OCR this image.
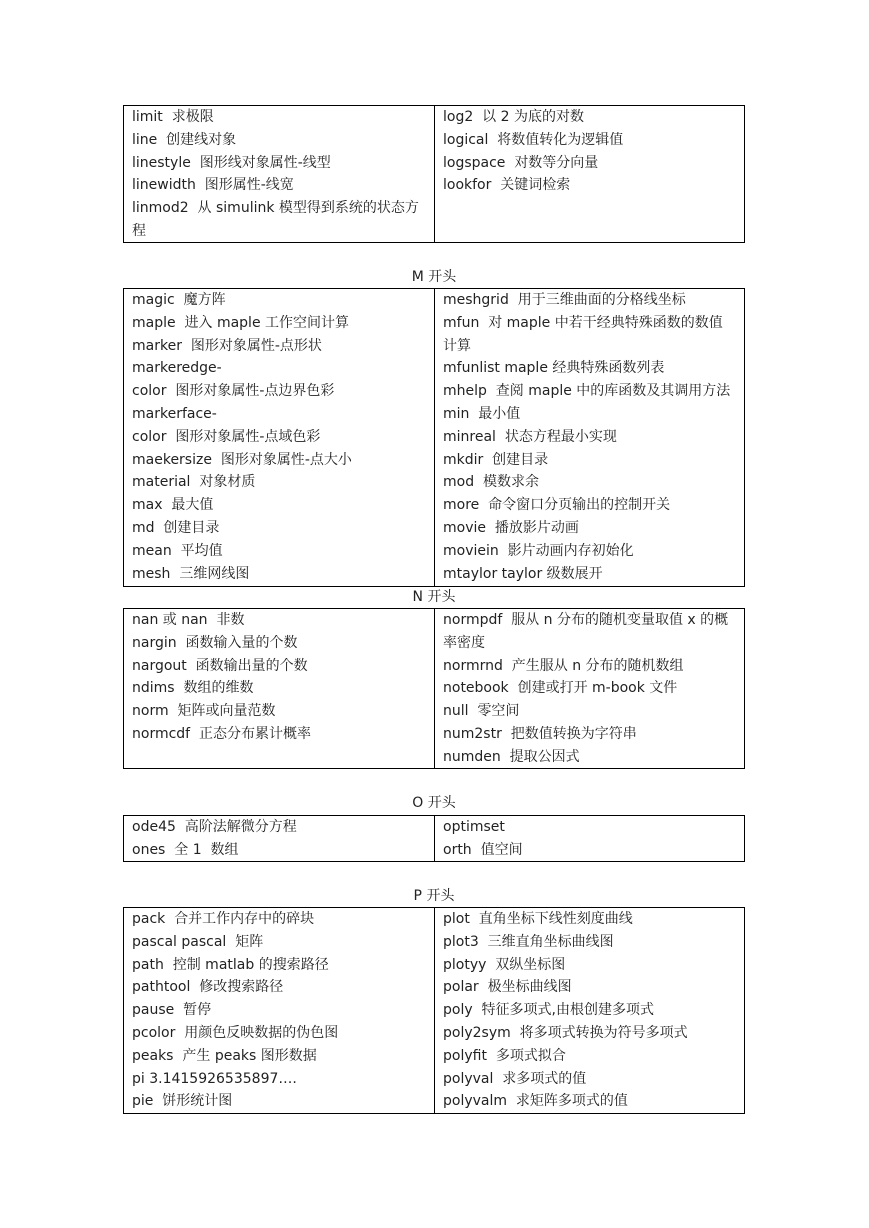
limit  求极限

line  创建线对象

linestyle  图形线对象属性-线型

linewidth  图形属性-线宽

linmod2  从 simulink 模型得到系统的状态方

程

log2  以 2 为底的对数

logical  将数值转化为逻辑值

logspace  对数等分向量

lookfor  关键词检索

M 开头

magic  魔方阵

maple  进入 maple 工作空间计算

marker  图形对象属性-点形状

markeredge-

color  图形对象属性-点边界色彩

markerface-

color  图形对象属性-点域色彩

maekersize  图形对象属性-点大小

material  对象材质

max  最大值

md  创建目录

mean  平均值

mesh  三维网线图

meshgrid  用于三维曲面的分格线坐标

mfun  对 maple 中若干经典特殊函数的数值

计算

mfunlist maple 经典特殊函数列表

mhelp  查阅 maple 中的库函数及其调用方法

min  最小值

minreal  状态方程最小实现

mkdir  创建目录

mod  模数求余

more  命令窗口分页输出的控制开关

movie  播放影片动画

moviein  影片动画内存初始化

mtaylor taylor 级数展开

N 开头

nan 或 nan  非数

nargin  函数输入量的个数

nargout  函数输出量的个数

ndims  数组的维数

norm  矩阵或向量范数

normcdf  正态分布累计概率

normpdf  服从 n 分布的随机变量取值 x 的概

率密度

normrnd  产生服从 n 分布的随机数组

notebook  创建或打开 m-book 文件

null  零空间

num2str  把数值转换为字符串

numden  提取公因式

O 开头

ode45  高阶法解微分方程

ones  全 1  数组

optimset

orth  值空间

P 开头

pack  合并工作内存中的碎块

pascal pascal  矩阵

path  控制 matlab 的搜索路径

pathtool  修改搜索路径

pause  暂停

pcolor  用颜色反映数据的伪色图

peaks  产生 peaks 图形数据

pi 3.1415926535897….

pie  饼形统计图

plot  直角坐标下线性刻度曲线

plot3  三维直角坐标曲线图

plotyy  双纵坐标图

polar  极坐标曲线图

poly  特征多项式,由根创建多项式

poly2sym  将多项式转换为符号多项式

polyfit  多项式拟合

polyval  求多项式的值

polyvalm  求矩阵多项式的值
